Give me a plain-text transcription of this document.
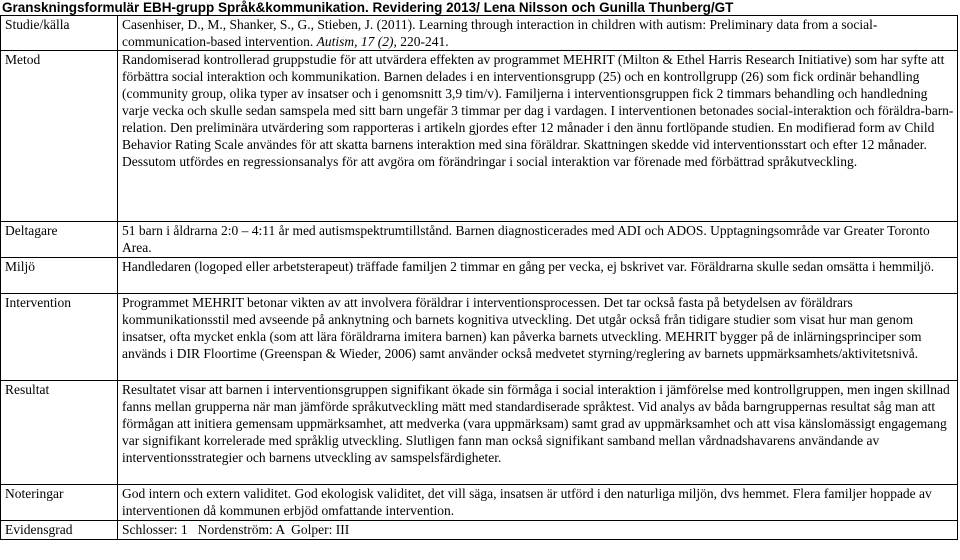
Granskningsformulär EBH-grupp Språk&kommunikation. Revidering 2013/ Lena Nilsson och Gunilla Thunberg/GT
Studie/källa	Casenhiser, D., M., Shanker, S., G., Stieben, J. (2011). Learning through interaction in children with autism: Preliminary data from a social-communication-based intervention. Autism, 17 (2), 220-241.
Metod	Randomiserad kontrollerad gruppstudie för att utvärdera effekten av programmet MEHRIT (Milton & Ethel Harris Research Initiative) som har syfte att förbättra social interaktion och kommunikation. Barnen delades i en interventionsgrupp (25) och en kontrollgrupp (26) som fick ordinär behandling (community group, olika typer av insatser och i genomsnitt 3,9 tim/v). Familjerna i interventionsgruppen fick 2 timmars behandling och handledning varje vecka och skulle sedan samspela med sitt barn ungefär 3 timmar per dag i vardagen. I interventionen betonades social-interaktion och föräldra-barn-relation. Den preliminära utvärdering som rapporteras i artikeln gjordes efter 12 månader i den ännu fortlöpande studien. En modifierad form av Child Behavior Rating Scale användes för att skatta barnens interaktion med sina föräldrar. Skattningen skedde vid interventionsstart och efter 12 månader. Dessutom utfördes en regressionsanalys för att avgöra om förändringar i social interaktion var förenade med förbättrad språkutveckling.
Deltagare	51 barn i åldrarna 2:0 – 4:11 år med autismspektrumtillstånd. Barnen diagnosticerades med ADI och ADOS. Upptagningsområde var Greater Toronto Area.
Miljö	Handledaren (logoped eller arbetsterapeut) träffade familjen 2 timmar en gång per vecka, ej bskrivet var. Föräldrarna skulle sedan omsätta i hemmiljö.
Intervention	Programmet MEHRIT betonar vikten av att involvera föräldrar i interventionsprocessen. Det tar också fasta på betydelsen av föräldrars kommunikationsstil med avseende på anknytning och barnets kognitiva utveckling. Det utgår också från tidigare studier som visat hur man genom insatser, ofta mycket enkla (som att lära föräldrarna imitera barnen) kan påverka barnets utveckling. MEHRIT bygger på de inlärningsprinciper som används i DIR Floortime (Greenspan & Wieder, 2006) samt använder också medvetet styrning/reglering av barnets uppmärksamhets/aktivitetsnivå.
Resultat	Resultatet visar att barnen i interventionsgruppen signifikant ökade sin förmåga i social interaktion i jämförelse med kontrollgruppen, men ingen skillnad fanns mellan grupperna när man jämförde språkutveckling mätt med standardiserade språktest. Vid analys av båda barngruppernas resultat såg man att förmågan att initiera gemensam uppmärksamhet, att medverka (vara uppmärksam) samt grad av uppmärksamhet och att visa känslomässigt engagemang var signifikant korrelerade med språklig utveckling. Slutligen fann man också signifikant samband mellan vårdnadshavarens användande av interventionsstrategier och barnens utveckling av samspelsfärdigheter.
Noteringar	God intern och extern validitet. God ekologisk validitet, det vill säga, insatsen är utförd i den naturliga miljön, dvs hemmet. Flera familjer hoppade av interventionen då kommunen erbjöd omfattande intervention.
Evidensgrad	Schlosser: 1   Nordenström: A  Golper: III
